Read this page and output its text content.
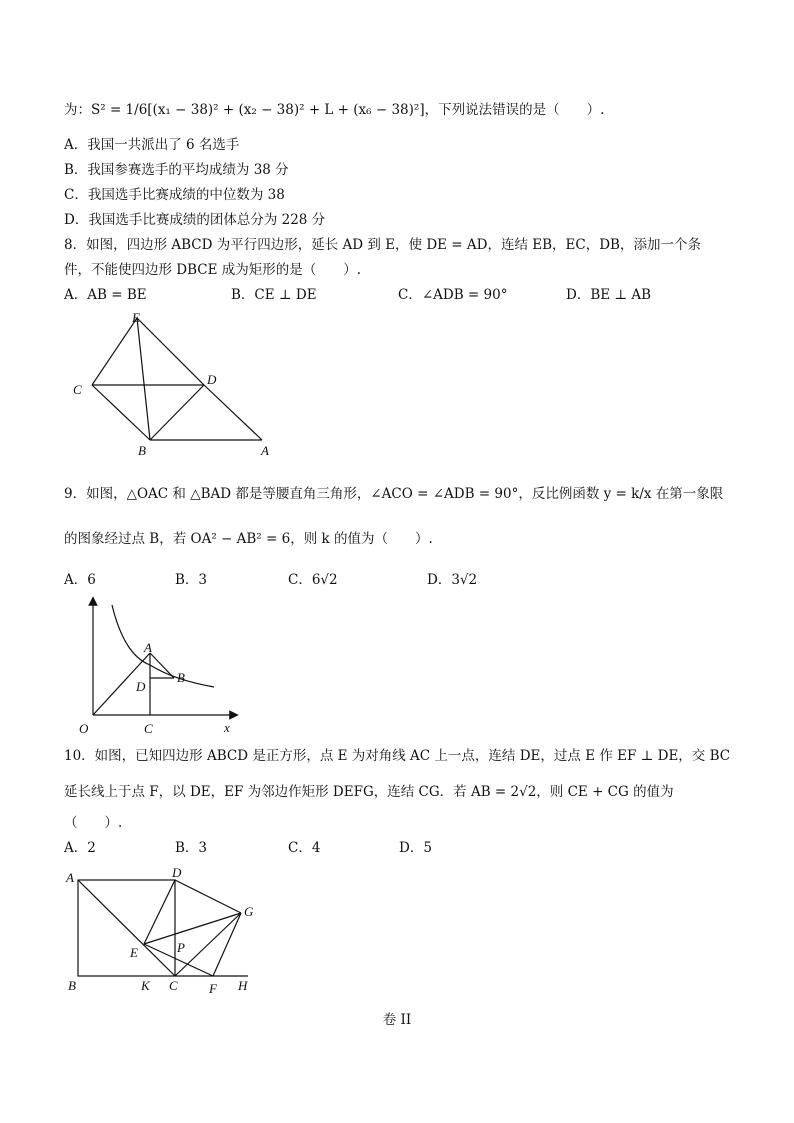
为：S² = 1/6[(x₁ − 38)² + (x₂ − 38)² + L + (x₆ − 38)²]，下列说法错误的是（　　）.
A．我国一共派出了 6 名选手
B．我国参赛选手的平均成绩为 38 分
C．我国选手比赛成绩的中位数为 38
D．我国选手比赛成绩的团体总分为 228 分
8．如图，四边形 ABCD 为平行四边形，延长 AD 到 E，使 DE = AD，连结 EB，EC，DB，添加一个条
件，不能使四边形 DBCE 成为矩形的是（　　）.
A．AB = BE	B．CE ⊥ DE	C．∠ADB = 90°	D．BE ⊥ AB
E
C
D
B	A
9．如图，△OAC 和 △BAD 都是等腰直角三角形，∠ACO = ∠ADB = 90°，反比例函数 y = k/x 在第一象限
的图象经过点 B，若 OA² − AB² = 6，则 k 的值为（　　）.
A．6	B．3	C．6√2	D．3√2
A
B
D
O	C	x
10．如图，已知四边形 ABCD 是正方形，点 E 为对角线 AC 上一点，连结 DE，过点 E 作 EF ⊥ DE，交 BC
延长线上于点 F，以 DE，EF 为邻边作矩形 DEFG，连结 CG．若 AB = 2√2，则 CE + CG 的值为
（　　）.
A．2	B．3	C．4	D．5
A	D
G
E	P
B	K C F H
卷 II
